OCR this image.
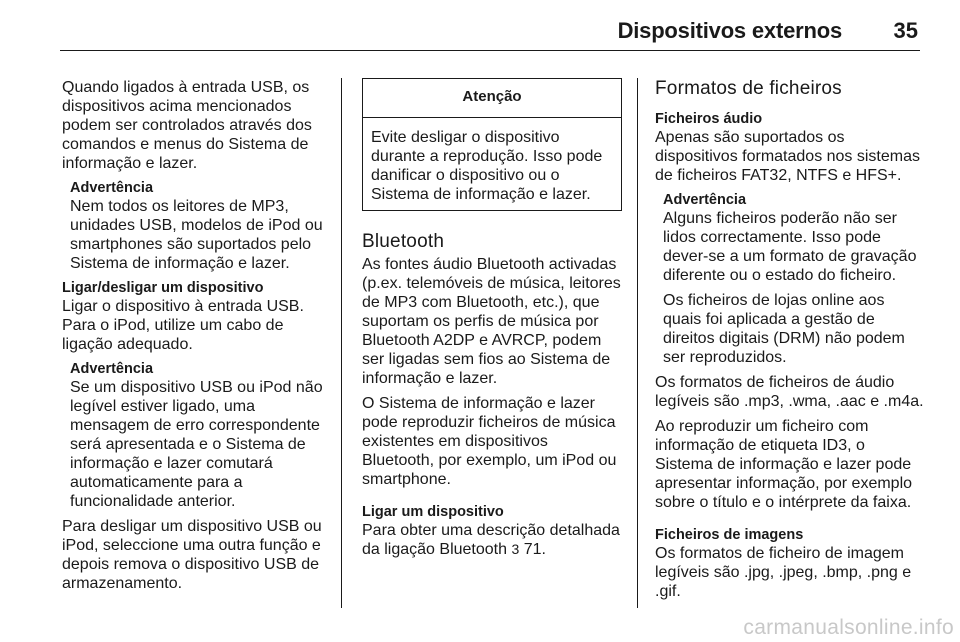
Dispositivos externos 35

Quando ligados à entrada USB, os dispositivos acima mencionados podem ser controlados através dos comandos e menus do Sistema de informação e lazer.

Advertência

Nem todos os leitores de MP3, unidades USB, modelos de iPod ou smartphones são suportados pelo Sistema de informação e lazer.

Ligar/desligar um dispositivo

Ligar o dispositivo à entrada USB. Para o iPod, utilize um cabo de ligação adequado.

Advertência

Se um dispositivo USB ou iPod não legível estiver ligado, uma mensagem de erro correspondente será apresentada e o Sistema de informação e lazer comutará automaticamente para a funcionalidade anterior.

Para desligar um dispositivo USB ou iPod, seleccione uma outra função e depois remova o dispositivo USB de armazenamento.

Atenção
Evite desligar o dispositivo durante a reprodução. Isso pode danificar o dispositivo ou o Sistema de informação e lazer.
Bluetooth

As fontes áudio Bluetooth activadas (p.ex. telemóveis de música, leitores de MP3 com Bluetooth, etc.), que suportam os perfis de música por Bluetooth A2DP e AVRCP, podem ser ligadas sem fios ao Sistema de informação e lazer.

O Sistema de informação e lazer pode reproduzir ficheiros de música existentes em dispositivos Bluetooth, por exemplo, um iPod ou smartphone.

Ligar um dispositivo

Para obter uma descrição detalhada da ligação Bluetooth 3 71.

Formatos de ficheiros

Ficheiros áudio

Apenas são suportados os dispositivos formatados nos sistemas de ficheiros FAT32, NTFS e HFS+.

Advertência

Alguns ficheiros poderão não ser lidos correctamente. Isso pode dever-se a um formato de gravação diferente ou o estado do ficheiro.

Os ficheiros de lojas online aos quais foi aplicada a gestão de direitos digitais (DRM) não podem ser reproduzidos.

Os formatos de ficheiros de áudio legíveis são .mp3, .wma, .aac e .m4a.

Ao reproduzir um ficheiro com informação de etiqueta ID3, o Sistema de informação e lazer pode apresentar informação, por exemplo sobre o título e o intérprete da faixa.

Ficheiros de imagens

Os formatos de ficheiro de imagem legíveis são .jpg, .jpeg, .bmp, .png e .gif.

carmanualsonline.info
